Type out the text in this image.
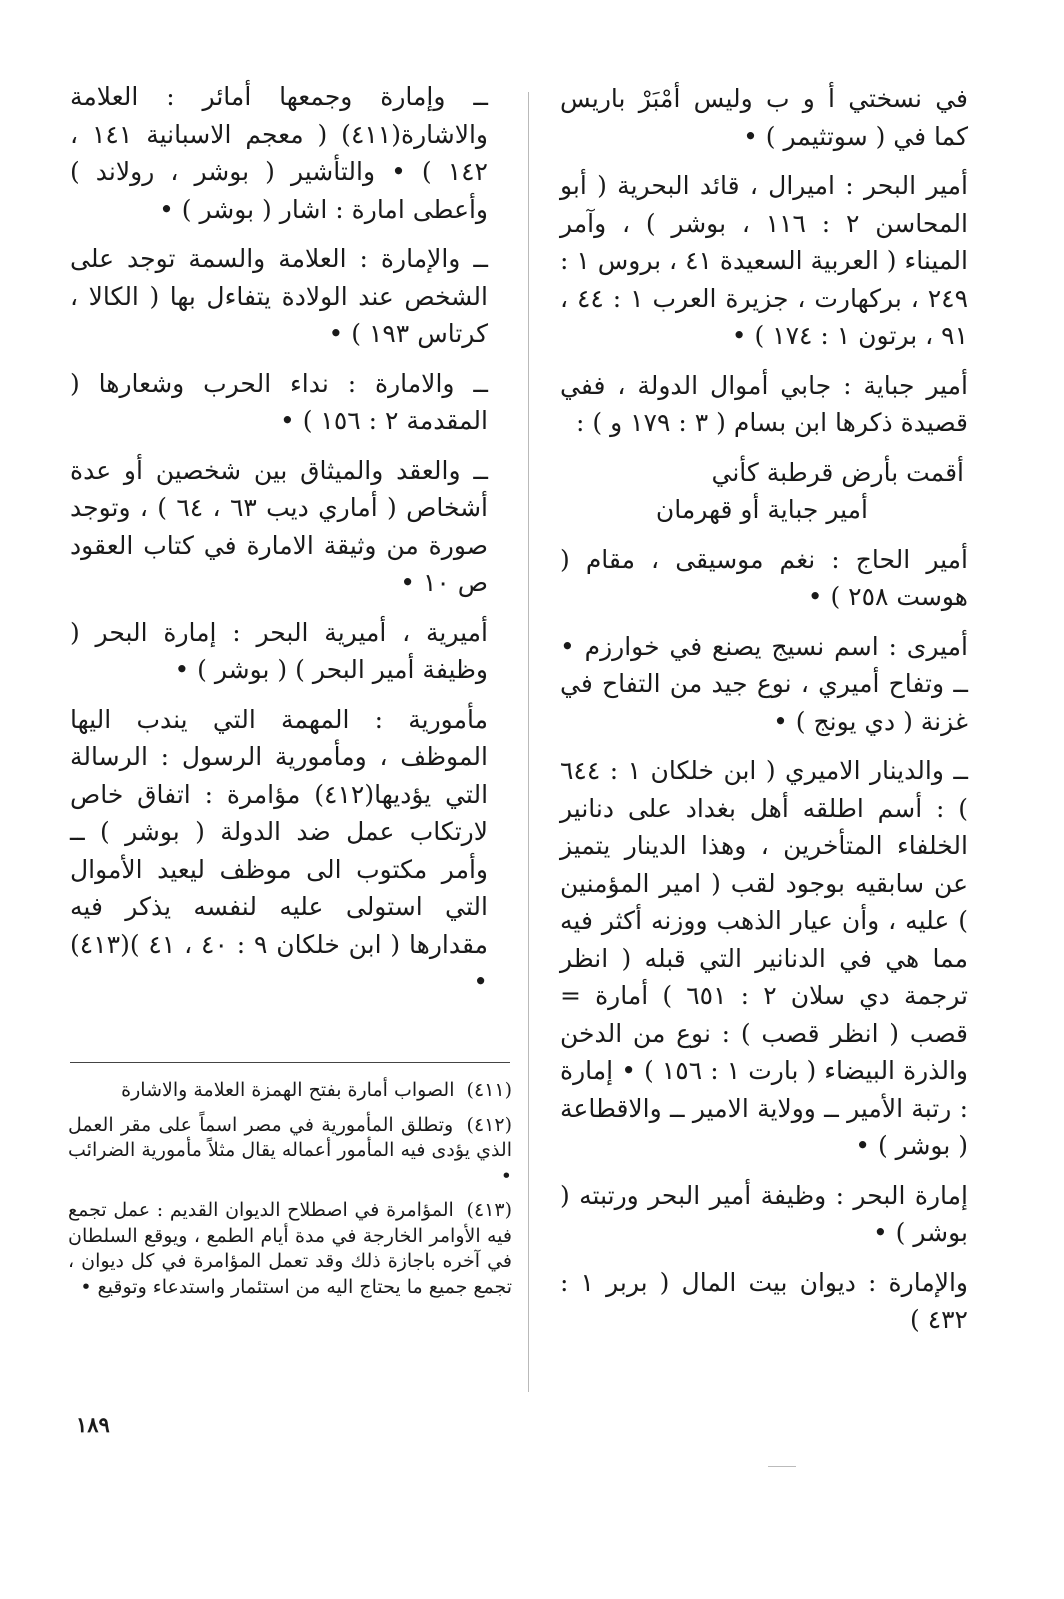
في نسختي أ و ب وليس أمْبَرْ باريس كما في ( سوتثيمر ) •

أمير البحر : اميرال ، قائد البحرية ( أبو المحاسن ٢ : ١١٦ ، بوشر ) ، وآمر الميناء ( العربية السعيدة ٤١ ، بروس ١ : ٢٤٩ ، بركهارت ، جزيرة العرب ١ : ٤٤ ، ٩١ ، برتون ١ : ١٧٤ ) •

أمير جباية : جابي أموال الدولة ، ففي قصيدة ذكرها ابن بسام ( ٣ : ١٧٩ و ) :

أقمت بأرض قرطبة كأني
أمير جباية أو قهرمان

أمير الحاج : نغم موسيقى ، مقام ( هوست ٢٥٨ ) •

أميرى : اسم نسيج يصنع في خوارزم • ــ وتفاح أميري ، نوع جيد من التفاح في غزنة ( دي يونج ) •

ــ والدينار الاميري ( ابن خلكان ١ : ٦٤٤ ) : أسم اطلقه أهل بغداد على دنانير الخلفاء المتأخرين ، وهذا الدينار يتميز عن سابقيه بوجود لقب ( امير المؤمنين ) عليه ، وأن عيار الذهب ووزنه أكثر فيه مما هي في الدنانير التي قبله ( انظر ترجمة دي سلان ٢ : ٦٥١ ) أمارة = قصب ( انظر قصب ) : نوع من الدخن والذرة البيضاء ( بارت ١ : ١٥٦ ) • إمارة : رتبة الأمير ــ وولاية الامير ــ والاقطاعة ( بوشر ) •

إمارة البحر : وظيفة أمير البحر ورتبته ( بوشر ) •

والإمارة : ديوان بيت المال ( بربر ١ : ٤٣٢ )

ــ وإمارة وجمعها أمائر : العلامة والاشارة(٤١١) ( معجم الاسبانية ١٤١ ، ١٤٢ ) • والتأشير ( بوشر ، رولاند ) وأعطى امارة : اشار ( بوشر ) •

ــ والإمارة : العلامة والسمة توجد على الشخص عند الولادة يتفاءل بها ( الكالا ، كرتاس ١٩٣ ) •

ــ والامارة : نداء الحرب وشعارها ( المقدمة ٢ : ١٥٦ ) •

ــ والعقد والميثاق بين شخصين أو عدة أشخاص ( أماري ديب ٦٣ ، ٦٤ ) ، وتوجد صورة من وثيقة الامارة في كتاب العقود ص ١٠ •

أميرية ، أميرية البحر : إمارة البحر ( وظيفة أمير البحر ) ( بوشر ) •

مأمورية : المهمة التي يندب اليها الموظف ، ومأمورية الرسول : الرسالة التي يؤديها(٤١٢) مؤامرة : اتفاق خاص لارتكاب عمل ضد الدولة ( بوشر ) ــ وأمر مكتوب الى موظف ليعيد الأموال التي استولى عليه لنفسه يذكر فيه مقدارها ( ابن خلكان ٩ : ٤٠ ، ٤١ )(٤١٣) •

(٤١١) الصواب أمارة بفتح الهمزة العلامة والاشارة

(٤١٢) وتطلق المأمورية في مصر اسماً على مقر العمل الذي يؤدى فيه المأمور أعماله يقال مثلاً مأمورية الضرائب •

(٤١٣) المؤامرة في اصطلاح الديوان القديم : عمل تجمع فيه الأوامر الخارجة في مدة أيام الطمع ، ويوقع السلطان في آخره باجازة ذلك وقد تعمل المؤامرة في كل ديوان ، تجمع جميع ما يحتاج اليه من استئمار واستدعاء وتوقيع •

١٨٩
